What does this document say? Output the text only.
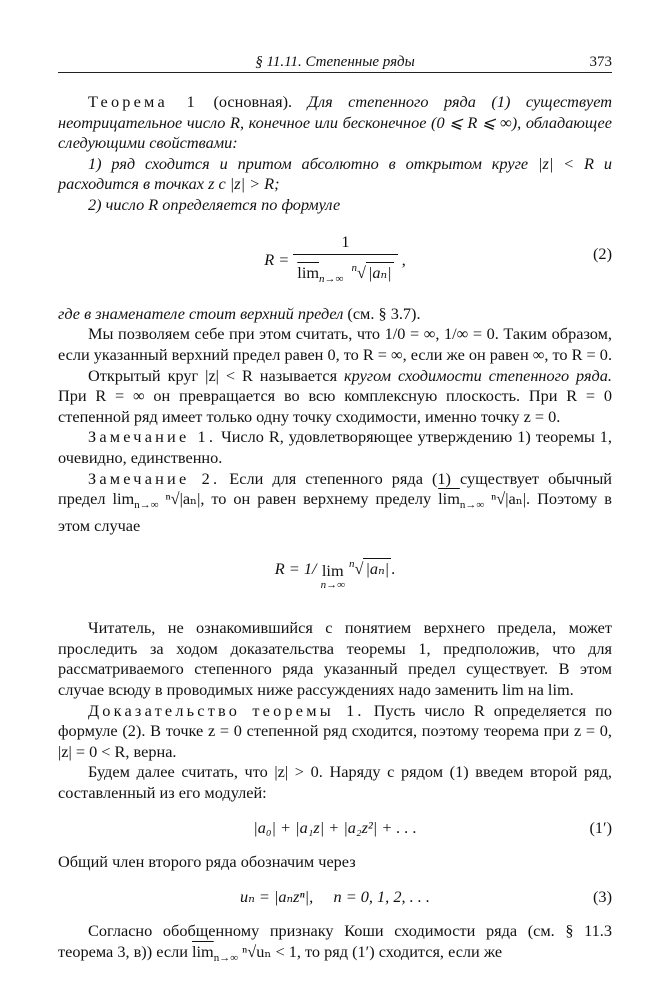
§ 11.11. Степенные ряды	373

Теорема 1 (основная). Для степенного ряда (1) существует неотрицательное число R, конечное или бесконечное (0 ⩽ R ⩽ ∞), обладающее следующими свойствами:

1) ряд сходится и притом абсолютно в открытом круге |z| < R и расходится в точках z с |z| > R;

2) число R определяется по формуле

$R = \frac{1}{\overline{lim}_{n\to\infty} ^n√ |a_n|}$ ,	(2)

где в знаменателе стоит верхний предел (см. § 3.7).

Мы позволяем себе при этом считать, что 1/0 = ∞, 1/∞ = 0. Таким образом, если указанный верхний предел равен 0, то R = ∞, если же он равен ∞, то R = 0.

Открытый круг |z| < R называется кругом сходимости степенного ряда. При R = ∞ он превращается во всю комплексную плоскость. При R = 0 степенной ряд имеет только одну точку сходимости, именно точку z = 0.

Замечание 1. Число R, удовлетворяющее утверждению 1) теоремы 1, очевидно, единственно.

Замечание 2. Если для степенного ряда (1) существует обычный предел $\lim_{n\to\infty} ^n√|a_n|$, то он равен верхнему пределу $\overline{lim}_{n\to\infty}$ ⁿ√|aₙ|. Поэтому в этом случае

R = 1/ lim
n→∞
$^n$√ |aₙ| .

Читатель, не ознакомившийся с понятием верхнего предела, может проследить за ходом доказательства теоремы 1, предположив, что для рассматриваемого степенного ряда указанный предел существует. В этом случае всюду в проводимых ниже рассуждениях надо заменить lim на lim.

Доказательство теоремы 1. Пусть число R определяется по формуле (2). В точке z = 0 степенной ряд сходится, поэтому теорема при z = 0, |z| = 0 < R, верна.

Будем далее считать, что |z| > 0. Наряду с рядом (1) введем второй ряд, составленный из его модулей:

|a₀| + |a₁z| + |a₂z²| + . . .	(1′)

Общий член второго ряда обозначим через

uₙ = |aₙzⁿ|,     n = 0, 1, 2, . . .	(3)

Согласно обобщенному признаку Коши сходимости ряда (см. § 11.3 теорема 3, в)) если $\overline{lim}_{n\to\infty}$ ⁿ√uₙ < 1, то ряд (1′) сходится, если же
